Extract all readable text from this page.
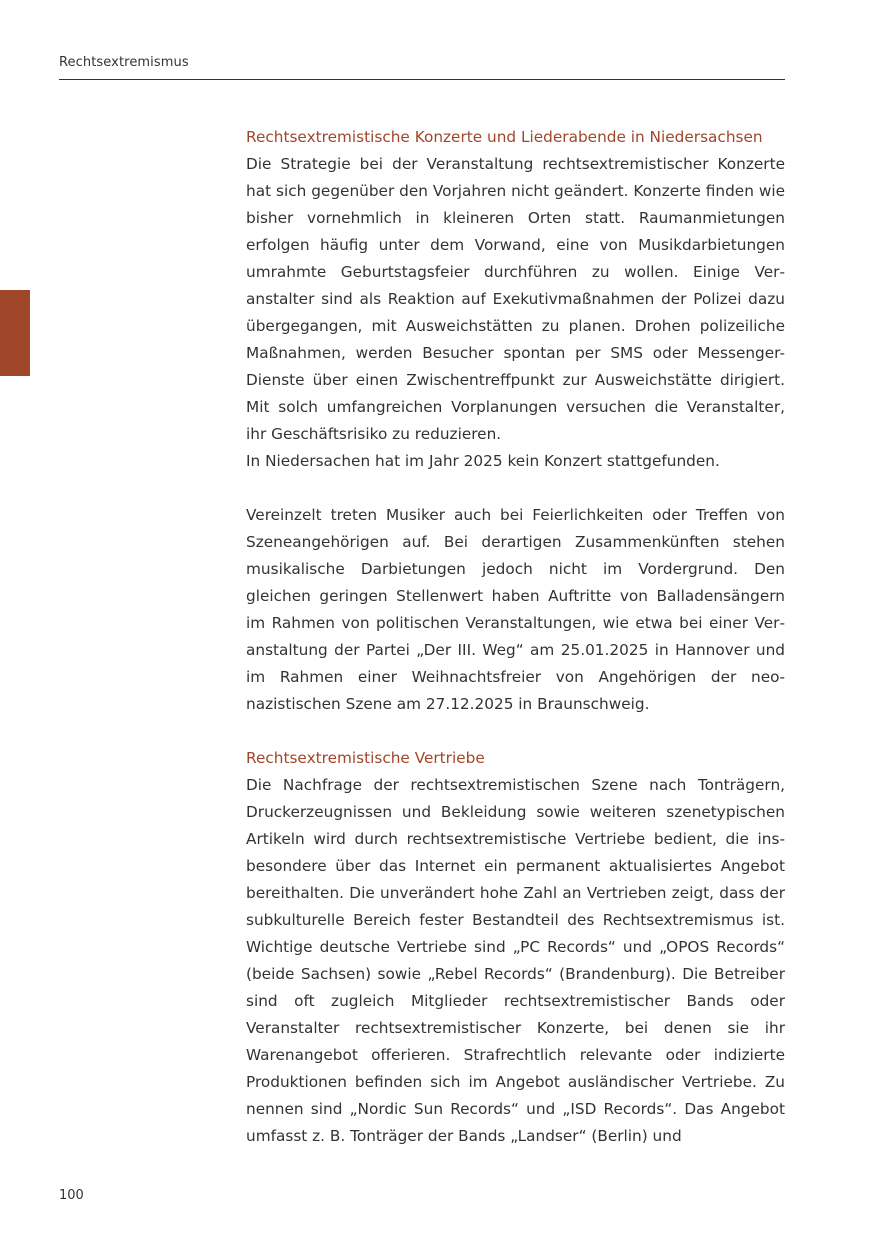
Rechtsextremismus
Rechtsextremistische Konzerte und Liederabende in Niedersachsen

Die Strategie bei der Veranstaltung rechtsextremistischer Konzerte hat sich gegenüber den Vorjahren nicht geändert. Konzerte finden wie bisher vornehmlich in kleineren Orten statt. Raumanmietungen erfolgen häufig unter dem Vorwand, eine von Musikdarbietungen umrahmte Geburtstagsfeier durchführen zu wollen. Einige Veranstalter sind als Reaktion auf Exekutivmaßnahmen der Polizei dazu übergegangen, mit Ausweichstätten zu planen. Drohen polizeiliche Maßnahmen, werden Besucher spontan per SMS oder Messenger-Dienste über einen Zwischentreffpunkt zur Ausweichstätte dirigiert. Mit solch umfangreichen Vorplanungen versuchen die Veranstalter, ihr Geschäftsrisiko zu reduzieren.

In Niedersachen hat im Jahr 2025 kein Konzert stattgefunden.

Vereinzelt treten Musiker auch bei Feierlichkeiten oder Treffen von Szeneangehörigen auf. Bei derartigen Zusammenkünften stehen musikalische Darbietungen jedoch nicht im Vordergrund. Den gleichen geringen Stellenwert haben Auftritte von Balladensängern im Rahmen von politischen Veranstaltungen, wie etwa bei einer Veranstaltung der Partei „Der III. Weg“ am 25.01.2025 in Hannover und im Rahmen einer Weihnachtsfreier von Angehörigen der neonazistischen Szene am 27.12.2025 in Braunschweig.

Rechtsextremistische Vertriebe

Die Nachfrage der rechtsextremistischen Szene nach Tonträgern, Druckerzeugnissen und Bekleidung sowie weiteren szenetypischen Artikeln wird durch rechtsextremistische Vertriebe bedient, die insbesondere über das Internet ein permanent aktualisiertes Angebot bereithalten. Die unverändert hohe Zahl an Vertrieben zeigt, dass der subkulturelle Bereich fester Bestandteil des Rechtsextremismus ist. Wichtige deutsche Vertriebe sind „PC Records“ und „OPOS Records“ (beide Sachsen) sowie „Rebel Records“ (Brandenburg). Die Betreiber sind oft zugleich Mitglieder rechtsextremistischer Bands oder Veranstalter rechtsextremistischer Konzerte, bei denen sie ihr Warenangebot offerieren. Strafrechtlich relevante oder indizierte Produktionen befinden sich im Angebot ausländischer Vertriebe. Zu nennen sind „Nordic Sun Records“ und „ISD Records“. Das Angebot umfasst z. B. Tonträger der Bands „Landser“ (Berlin) und

100
